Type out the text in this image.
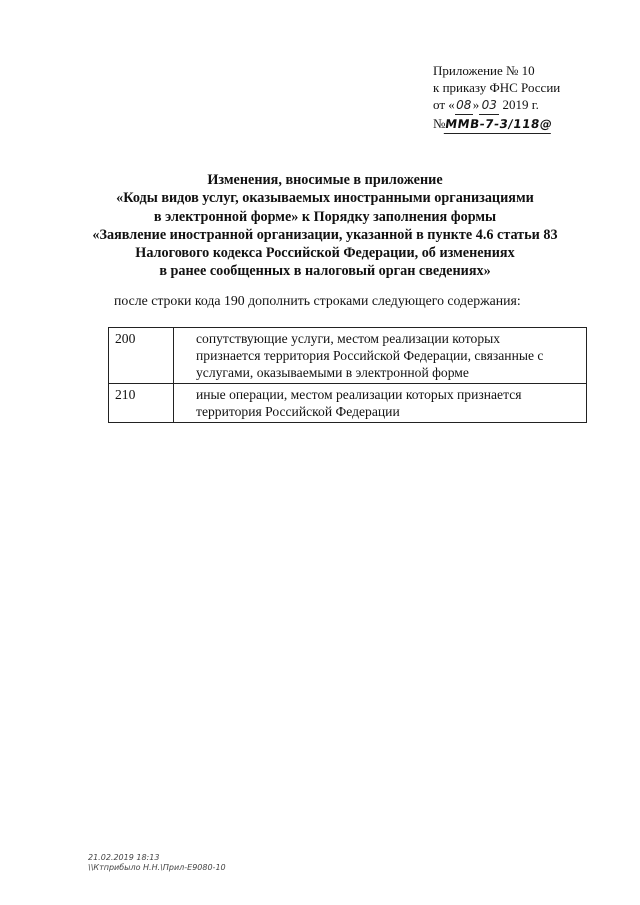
Приложение № 10
к приказу ФНС России
от «08» 03 2019 г.
№ММВ-7-3/118@
Изменения, вносимые в приложение
«Коды видов услуг, оказываемых иностранными организациями
в электронной форме» к Порядку заполнения формы
«Заявление иностранной организации, указанной в пункте 4.6 статьи 83
Налогового кодекса Российской Федерации, об изменениях
в ранее сообщенных в налоговый орган сведениях»
после строки кода 190 дополнить строками следующего содержания:
200	сопутствующие услуги, местом реализации которых
признается территория Российской Федерации, связанные с
услугами, оказываемыми в электронной форме

210	иные операции, местом реализации которых признается
территория Российской Федерации
21.02.2019 18:13
\\Ктприбыло Н.Н.\Прил-Е9080-10
